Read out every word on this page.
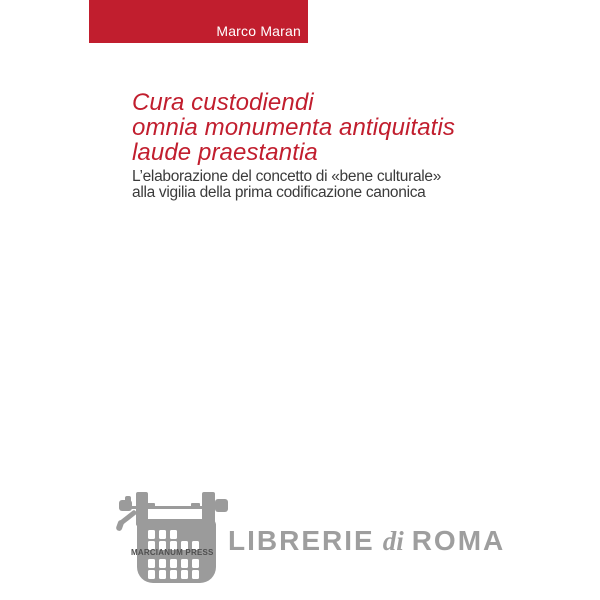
Marco Maran
Cura custodiendi
omnia monumenta antiquitatis
laude praestantia
L’elaborazione del concetto di «bene culturale»
alla vigilia della prima codificazione canonica
MARCIANUM PRESS LIBRERIE di ROMA
